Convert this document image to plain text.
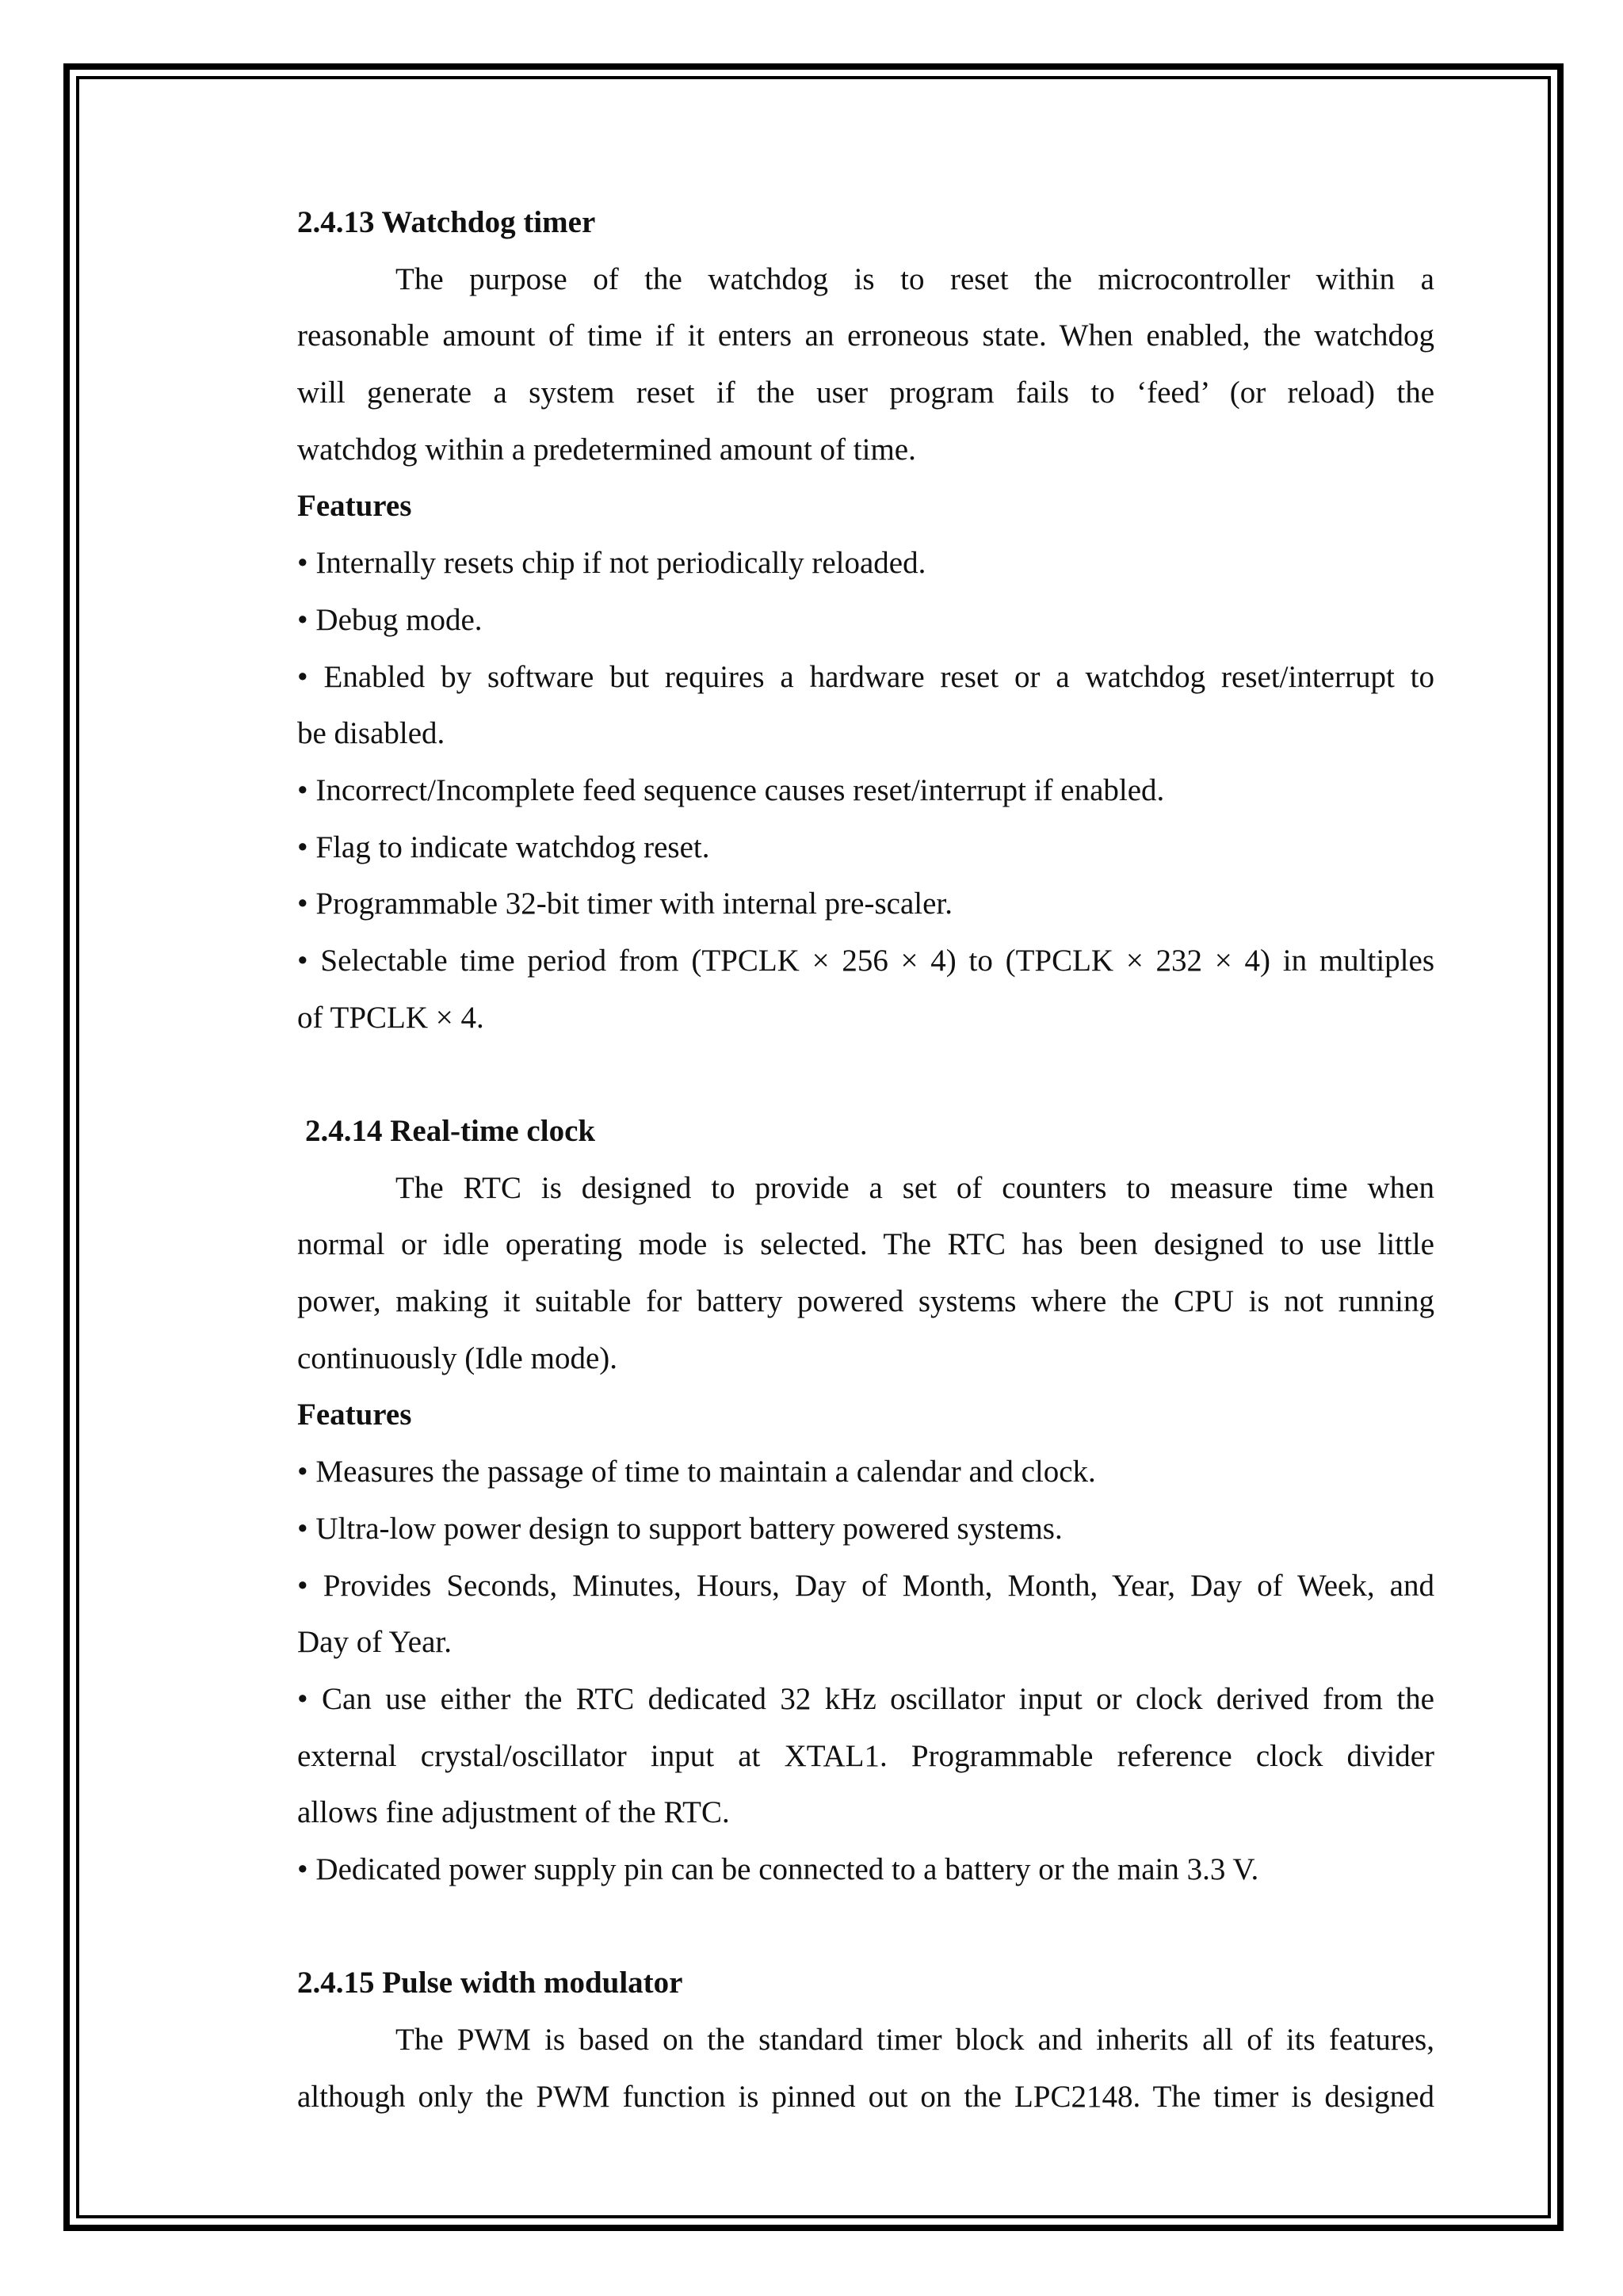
2.4.13 Watchdog timer
The purpose of the watchdog is to reset the microcontroller within a
reasonable amount of time if it enters an erroneous state. When enabled, the watchdog
will generate a system reset if the user program fails to ‘feed’ (or reload) the
watchdog within a predetermined amount of time.
Features
• Internally resets chip if not periodically reloaded.
• Debug mode.
• Enabled by software but requires a hardware reset or a watchdog reset/interrupt to
be disabled.
• Incorrect/Incomplete feed sequence causes reset/interrupt if enabled.
• Flag to indicate watchdog reset.
• Programmable 32-bit timer with internal pre-scaler.
• Selectable time period from (TPCLK × 256 × 4) to (TPCLK × 232 × 4) in multiples
of TPCLK × 4.
2.4.14 Real-time clock
The RTC is designed to provide a set of counters to measure time when
normal or idle operating mode is selected. The RTC has been designed to use little
power, making it suitable for battery powered systems where the CPU is not running
continuously (Idle mode).
Features
• Measures the passage of time to maintain a calendar and clock.
• Ultra-low power design to support battery powered systems.
• Provides Seconds, Minutes, Hours, Day of Month, Month, Year, Day of Week, and
Day of Year.
• Can use either the RTC dedicated 32 kHz oscillator input or clock derived from the
external crystal/oscillator input at XTAL1. Programmable reference clock divider
allows fine adjustment of the RTC.
• Dedicated power supply pin can be connected to a battery or the main 3.3 V.
2.4.15 Pulse width modulator
The PWM is based on the standard timer block and inherits all of its features,
although only the PWM function is pinned out on the LPC2148. The timer is designed
